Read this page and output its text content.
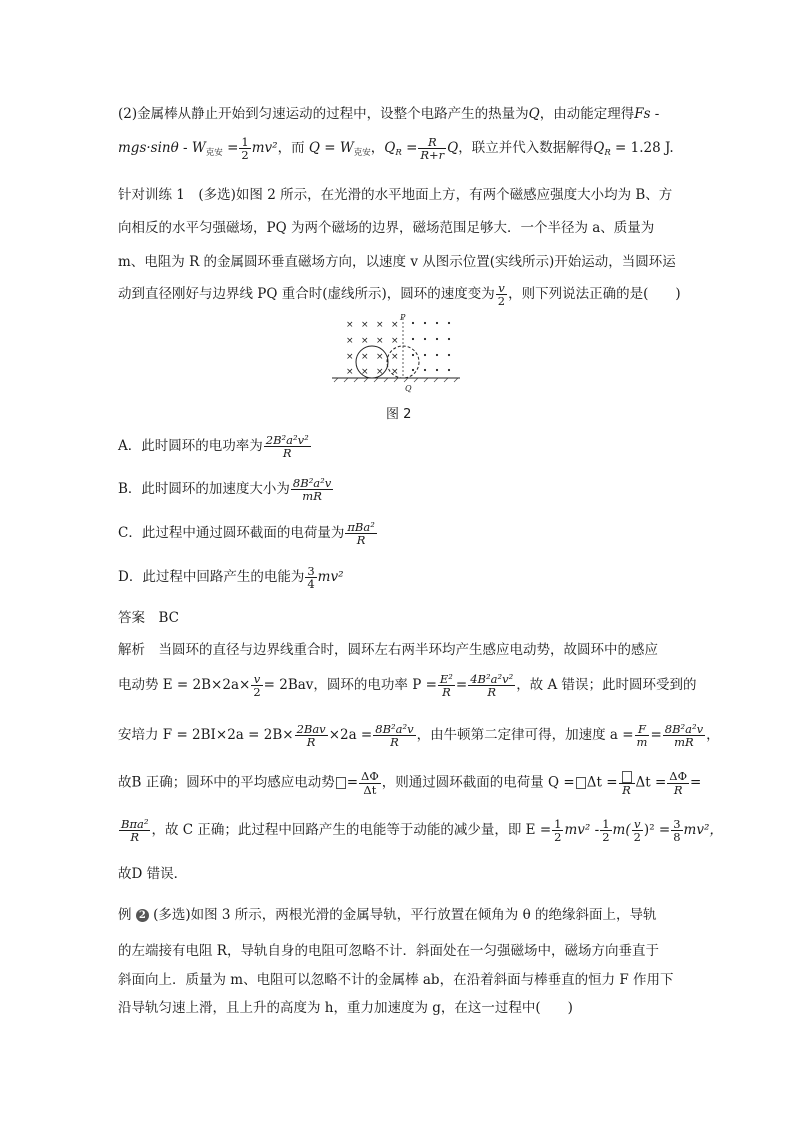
(2)金属棒从静止开始到匀速运动的过程中，设整个电路产生的热量为Q，由动能定理得Fs -
$mgs\cdot\sin\theta - W_{克安} = \frac{1}{2} mv^2$，而 $Q = W_{克安}$，$Q_R = \frac{R}{R+r}$ Q，联立并代入数据解得$Q_R = 1.28$ J.
针对训练 1　(多选)如图 2 所示，在光滑的水平地面上方，有两个磁感应强度大小均为 B、方
向相反的水平匀强磁场，PQ 为两个磁场的边界，磁场范围足够大．一个半径为 a、质量为
m、电阻为 R 的金属圆环垂直磁场方向，以速度 v 从图示位置(实线所示)开始运动，当圆环运
动到直径刚好与边界线 PQ 重合时(虚线所示)，圆环的速度变为 $\frac{v}{2}$ ，则下列说法正确的是(　　)
× × × ×
× × × ×
× × × ×
× × × ×
P
Q
图 2
A．此时圆环的电功率为 $\frac{\text{2B²a²v²}}{R}$
B．此时圆环的加速度大小为 $\frac{\text{8B²a²v}}{mR}$
C．此过程中通过圆环截面的电荷量为 $\frac{\text{πBa²}}{R}$
D．此过程中回路产生的电能为 $\frac{3}{4} mv^2$
答案　 BC
解析　当圆环的直径与边界线重合时，圆环左右两半环均产生感应电动势，故圆环中的感应
电动势 $E = 2B\times 2a\times \frac{v}{2} = 2Bav$，圆环的电功率 $P = \frac{\text{E²}}{R} = \frac{\text{4B²a²v²}}{R}$ ，故 A 错误；此时圆环受到的
安培力 $F = 2BI\times 2a = 2B\times \frac{\text{2Bav}}{R} \times 2a = \frac{\text{8B²a²v}}{R}$ ，由牛顿第二定律可得，加速度 $a = \frac{F}{m} = \frac{\text{8B²a²v}}{mR}$ ，
故B 正确；圆环中的平均感应电动势 = $\frac{\Delta\Phi}{\Delta t}$ ，则通过圆环截面的电荷量 Q = Δt = R $\Delta t = \frac{\Delta\Phi}{R}$ =
$\frac{\text{Bπa²}}{R}$ ，故 C 正确；此过程中回路产生的电能等于动能的减少量，即 $E = \frac{1}{2} mv^2 - \frac{1}{2} m( \frac{v}{2} )^2 = \frac{3}{8} mv^2$，
故D 错误．
例 2 (多选)如图 3 所示，两根光滑的金属导轨，平行放置在倾角为 θ 的绝缘斜面上，导轨
的左端接有电阻 R，导轨自身的电阻可忽略不计．斜面处在一匀强磁场中，磁场方向垂直于
斜面向上．质量为 m、电阻可以忽略不计的金属棒 ab，在沿着斜面与棒垂直的恒力 F 作用下
沿导轨匀速上滑，且上升的高度为 h，重力加速度为 g，在这一过程中(　　)
